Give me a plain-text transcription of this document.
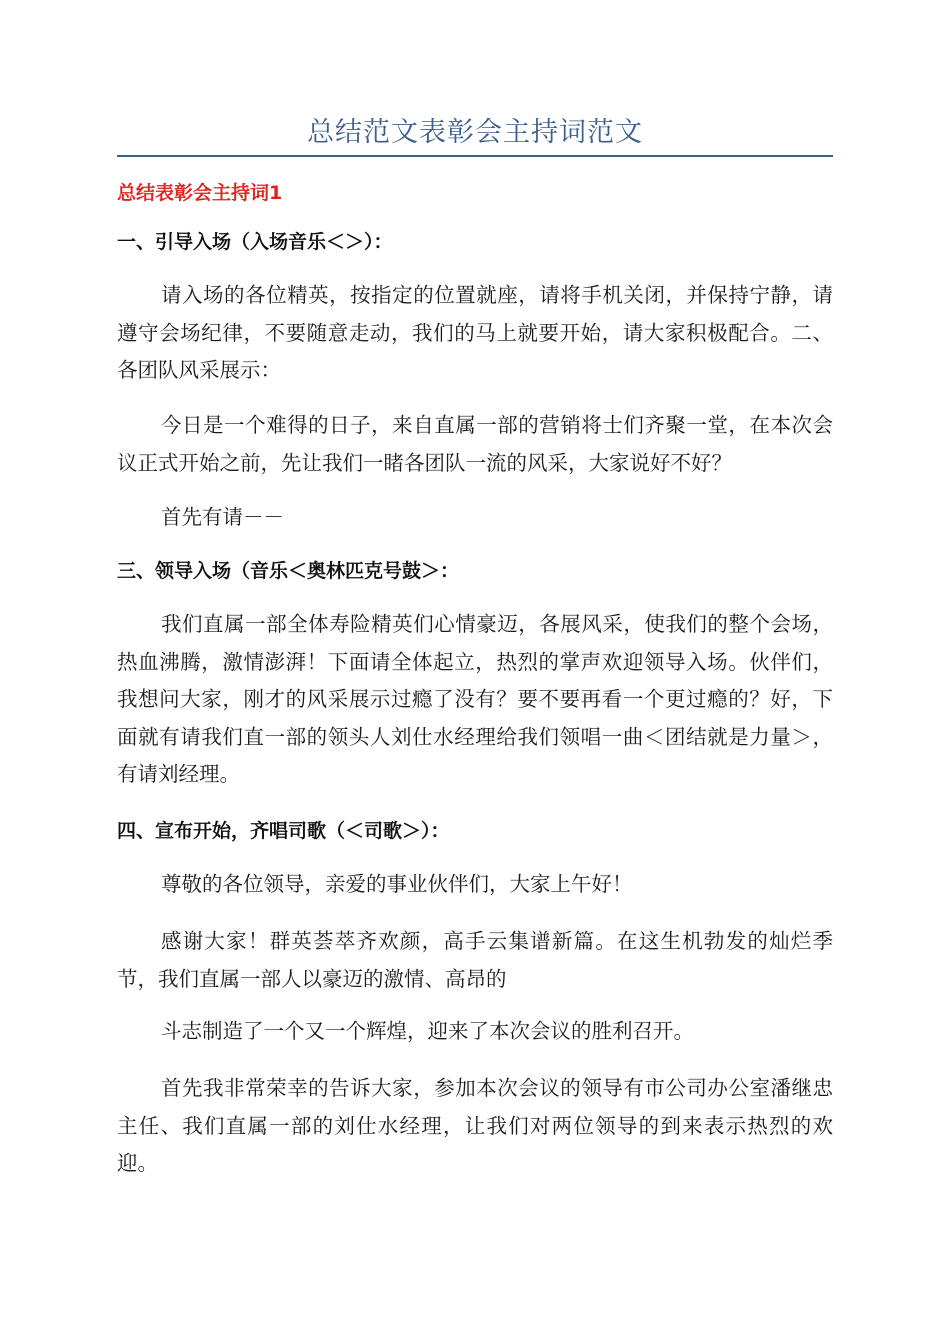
总结范文表彰会主持词范文
总结表彰会主持词1
一、引导入场（入场音乐＜＞）：
请入场的各位精英，按指定的位置就座，请将手机关闭，并保持宁静，请遵守会场纪律，不要随意走动，我们的马上就要开始，请大家积极配合。二、各团队风采展示：
今日是一个难得的日子，来自直属一部的营销将士们齐聚一堂，在本次会议正式开始之前，先让我们一睹各团队一流的风采，大家说好不好？
首先有请－－
三、领导入场（音乐＜奥林匹克号鼓＞：
我们直属一部全体寿险精英们心情豪迈，各展风采，使我们的整个会场，热血沸腾，激情澎湃！下面请全体起立，热烈的掌声欢迎领导入场。伙伴们，我想问大家，刚才的风采展示过瘾了没有？要不要再看一个更过瘾的？好，下面就有请我们直一部的领头人刘仕水经理给我们领唱一曲＜团结就是力量＞，有请刘经理。
四、宣布开始，齐唱司歌（＜司歌＞）：
尊敬的各位领导，亲爱的事业伙伴们，大家上午好！
感谢大家！群英荟萃齐欢颜，高手云集谱新篇。在这生机勃发的灿烂季节，我们直属一部人以豪迈的激情、高昂的
斗志制造了一个又一个辉煌，迎来了本次会议的胜利召开。
首先我非常荣幸的告诉大家，参加本次会议的领导有市公司办公室潘继忠主任、我们直属一部的刘仕水经理，让我们对两位领导的到来表示热烈的欢迎。
